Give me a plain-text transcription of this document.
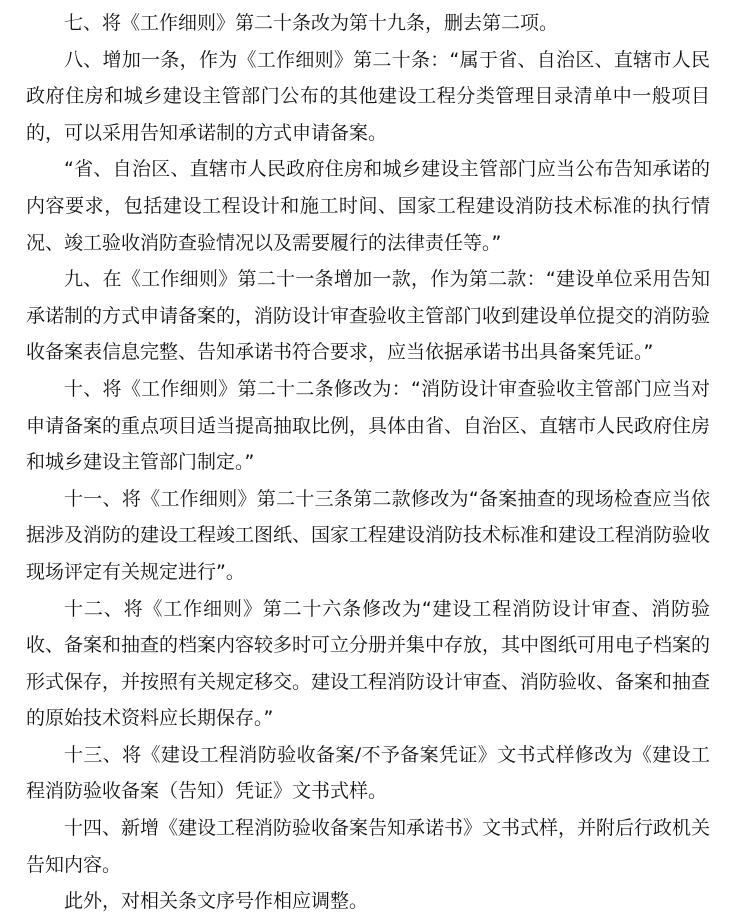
七、将《工作细则》第二十条改为第十九条，删去第二项。

八、增加一条，作为《工作细则》第二十条：“属于省、自治区、直辖市人民政府住房和城乡建设主管部门公布的其他建设工程分类管理目录清单中一般项目的，可以采用告知承诺制的方式申请备案。

“省、自治区、直辖市人民政府住房和城乡建设主管部门应当公布告知承诺的内容要求，包括建设工程设计和施工时间、国家工程建设消防技术标准的执行情况、竣工验收消防查验情况以及需要履行的法律责任等。”

九、在《工作细则》第二十一条增加一款，作为第二款：“建设单位采用告知承诺制的方式申请备案的，消防设计审查验收主管部门收到建设单位提交的消防验收备案表信息完整、告知承诺书符合要求，应当依据承诺书出具备案凭证。”

十、将《工作细则》第二十二条修改为：“消防设计审查验收主管部门应当对申请备案的重点项目适当提高抽取比例，具体由省、自治区、直辖市人民政府住房和城乡建设主管部门制定。”

十一、将《工作细则》第二十三条第二款修改为“备案抽查的现场检查应当依据涉及消防的建设工程竣工图纸、国家工程建设消防技术标准和建设工程消防验收现场评定有关规定进行”。

十二、将《工作细则》第二十六条修改为“建设工程消防设计审查、消防验收、备案和抽查的档案内容较多时可立分册并集中存放，其中图纸可用电子档案的形式保存，并按照有关规定移交。建设工程消防设计审查、消防验收、备案和抽查的原始技术资料应长期保存。”

十三、将《建设工程消防验收备案/不予备案凭证》文书式样修改为《建设工程消防验收备案（告知）凭证》文书式样。

十四、新增《建设工程消防验收备案告知承诺书》文书式样，并附后行政机关告知内容。

此外，对相关条文序号作相应调整。
